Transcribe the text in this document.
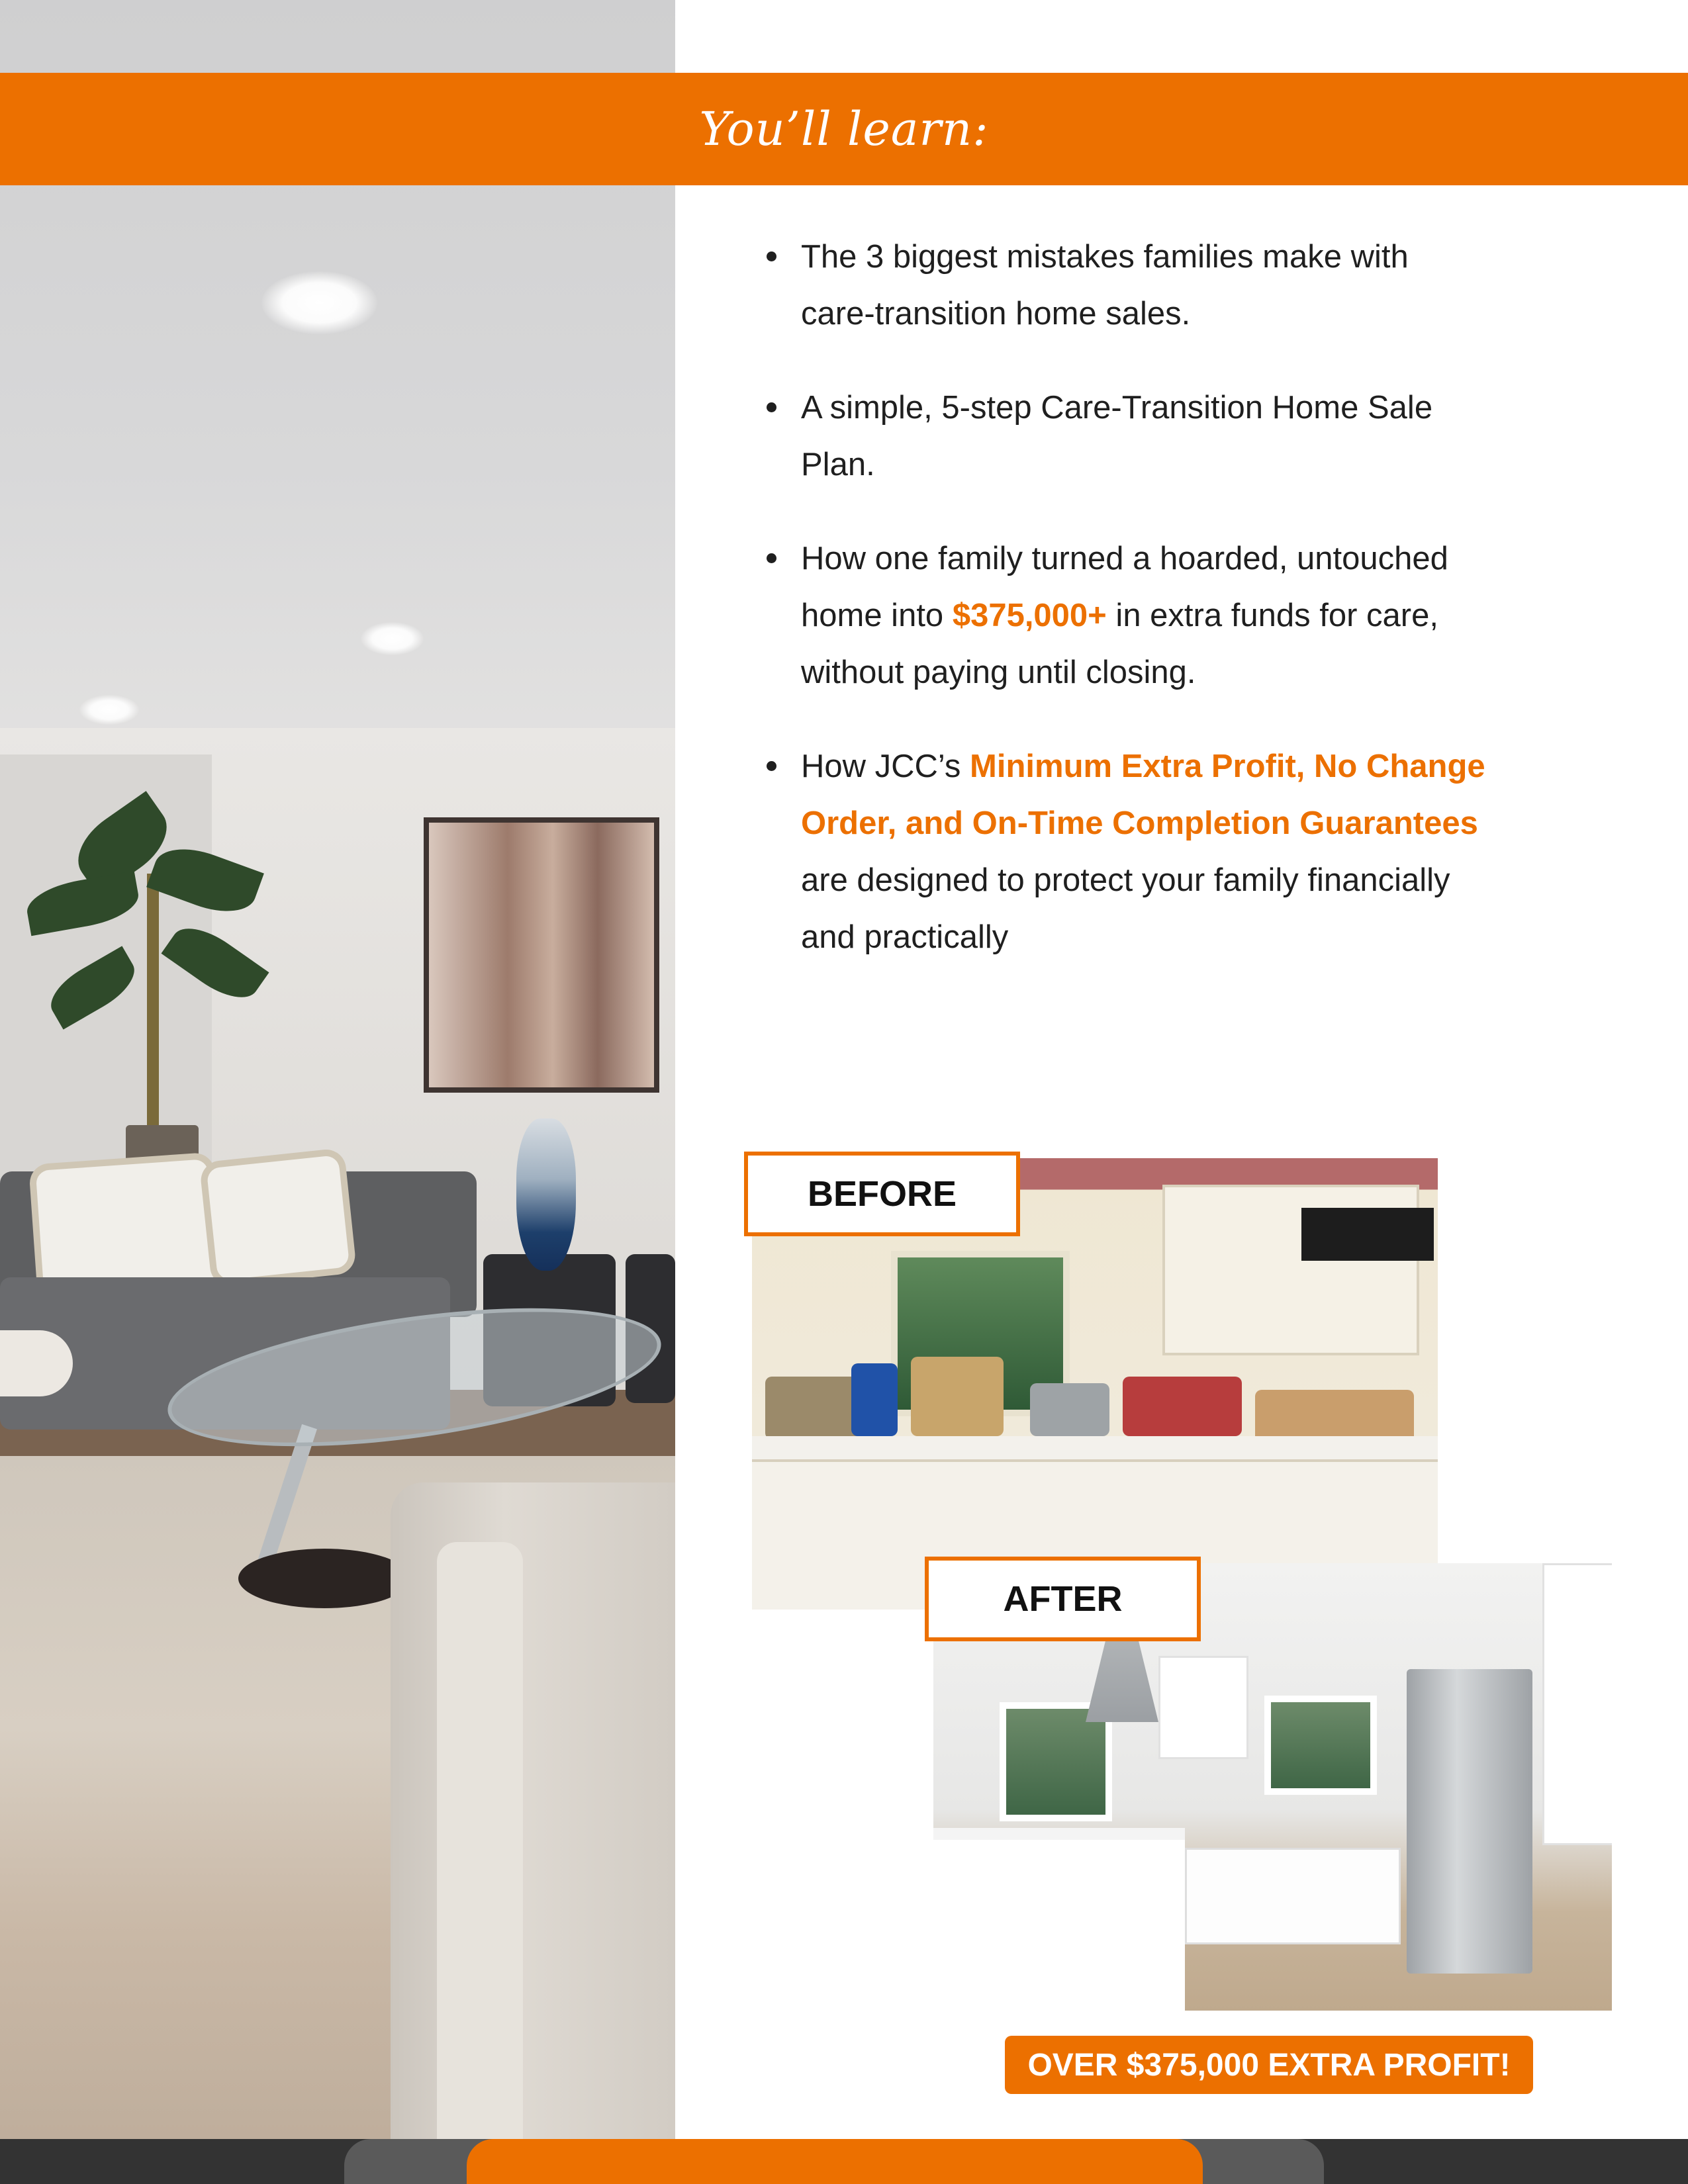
You’ll learn:
The 3 biggest mistakes families make with care-transition home sales.
A simple, 5-step Care-Transition Home Sale Plan.
How one family turned a hoarded, untouched home into $375,000+ in extra funds for care, without paying until closing.
How JCC’s Minimum Extra Profit, No Change Order, and On-Time Completion Guarantees are designed to protect your family financially and practically
BEFORE
AFTER
OVER $375,000 EXTRA PROFIT!
